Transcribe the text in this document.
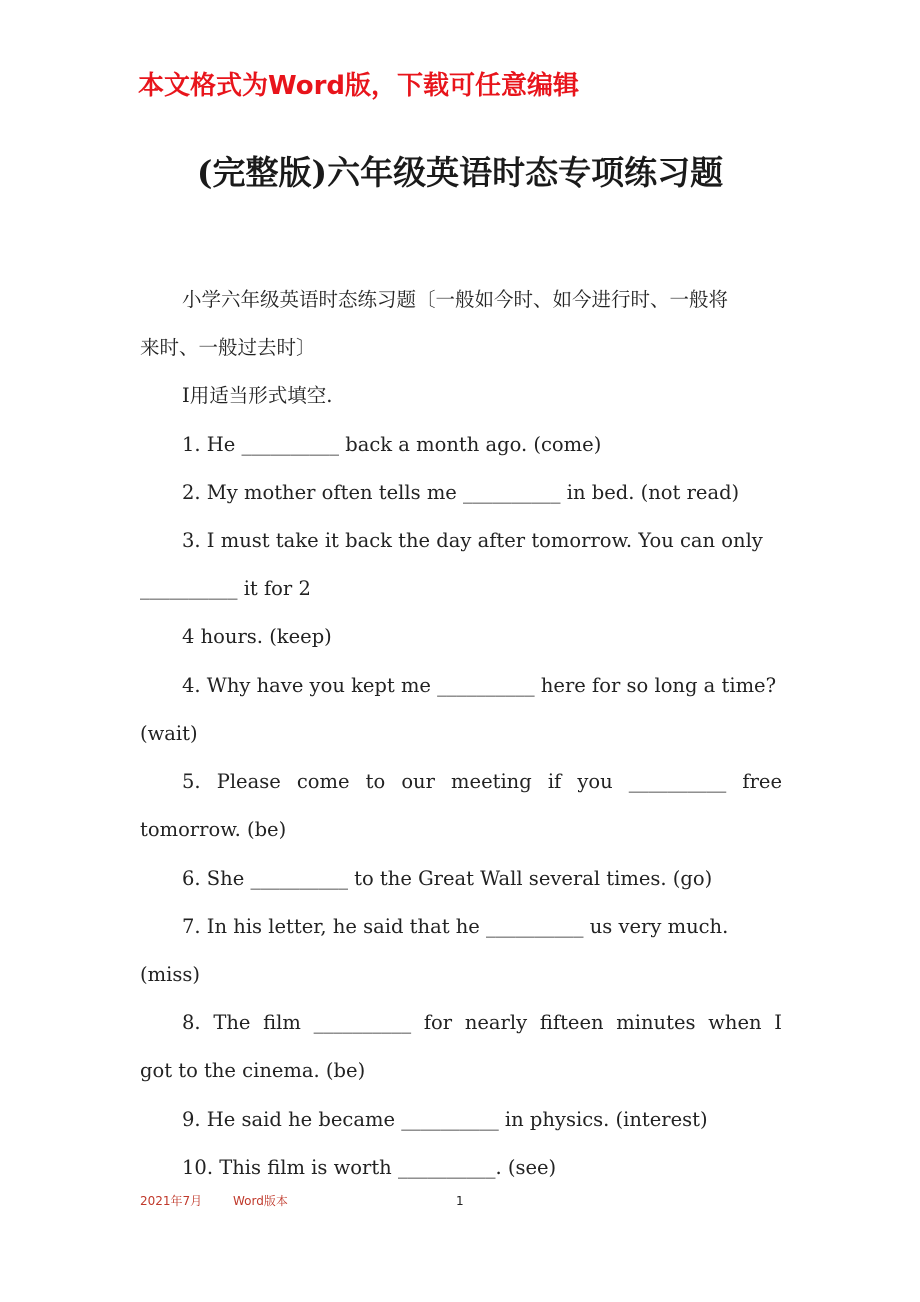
本文格式为Word版，下载可任意编辑
(完整版)六年级英语时态专项练习题
小学六年级英语时态练习题〔一般如今时、如今进行时、一般将
来时、一般过去时〕
Ⅰ用适当形式填空.
1. He __________ back a month ago. (come)
2. My mother often tells me __________ in bed. (not read)
3. I must take it back the day after tomorrow. You can only
__________ it for 2
4 hours. (keep)
4. Why have you kept me __________ here for so long a time?
(wait)
5. Please come to our meeting if you __________ free
tomorrow. (be)
6. She __________ to the Great Wall several times. (go)
7. In his letter, he said that he __________ us very much.
(miss)
8. The film __________ for nearly fifteen minutes when I
got to the cinema. (be)
9. He said he became __________ in physics. (interest)
10. This film is worth __________. (see)
2021年7月	Word版本	1
